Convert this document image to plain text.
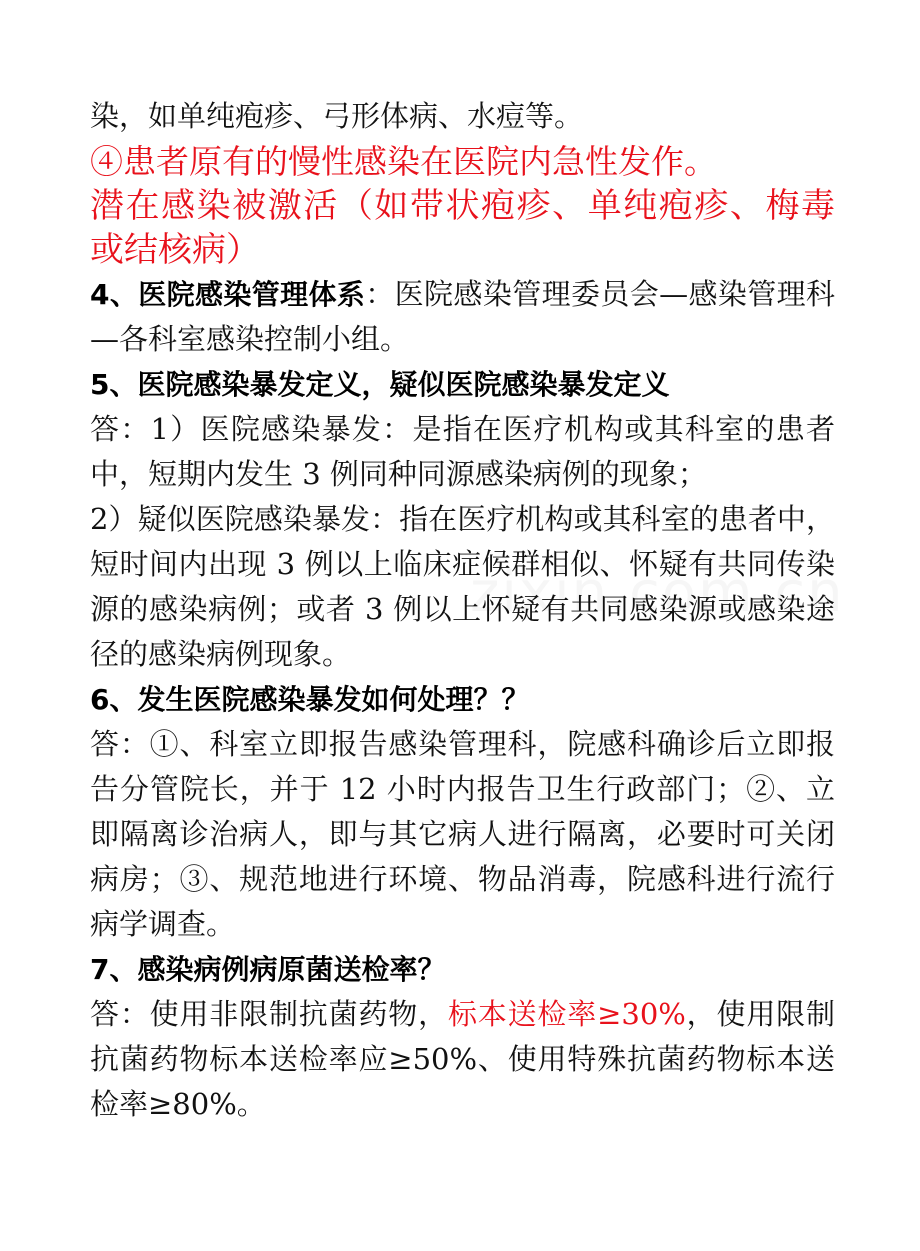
染，如单纯疱疹、弓形体病、水痘等。

④患者原有的慢性感染在医院内急性发作。

潜在感染被激活（如带状疱疹、单纯疱疹、梅毒或结核病）

4、医院感染管理体系：医院感染管理委员会—感染管理科—各科室感染控制小组。

5、医院感染暴发定义，疑似医院感染暴发定义

答：1）医院感染暴发：是指在医疗机构或其科室的患者中，短期内发生 3 例同种同源感染病例的现象；

2）疑似医院感染暴发：指在医疗机构或其科室的患者中，短时间内出现 3 例以上临床症候群相似、怀疑有共同传染源的感染病例；或者 3 例以上怀疑有共同感染源或感染途径的感染病例现象。

6、发生医院感染暴发如何处理？？

答：①、科室立即报告感染管理科，院感科确诊后立即报告分管院长，并于 12 小时内报告卫生行政部门；②、立即隔离诊治病人，即与其它病人进行隔离，必要时可关闭病房；③、规范地进行环境、物品消毒，院感科进行流行病学调查。

7、感染病例病原菌送检率？

答：使用非限制抗菌药物，标本送检率≥30%，使用限制抗菌药物标本送检率应≥50%、使用特殊抗菌药物标本送检率≥80%。
